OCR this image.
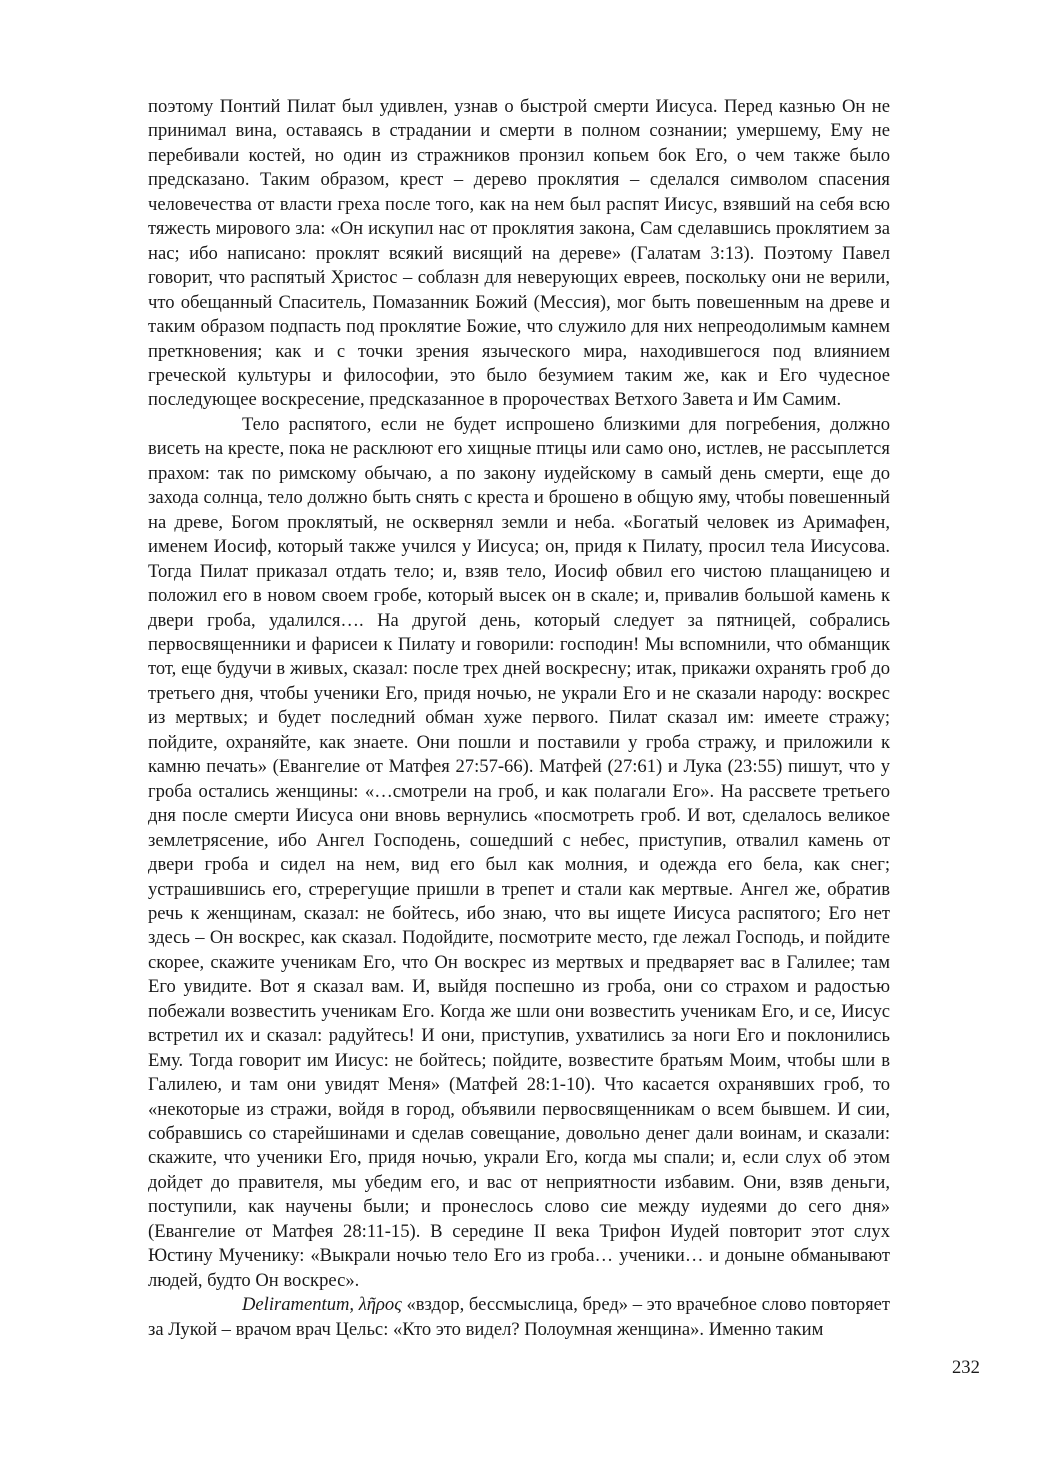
поэтому Понтий Пилат был удивлен, узнав о быстрой смерти Иисуса. Перед казнью Он не принимал вина, оставаясь в страдании и смерти в полном сознании; умершему, Ему не перебивали костей, но один из стражников пронзил копьем бок Его, о чем также было предсказано. Таким образом, крест – дерево проклятия – сделался символом спасения человечества от власти греха после того, как на нем был распят Иисус, взявший на себя всю тяжесть мирового зла: «Он искупил нас от проклятия закона, Сам сделавшись проклятием за нас; ибо написано: проклят всякий висящий на дереве» (Галатам 3:13). Поэтому Павел говорит, что распятый Христос – соблазн для неверующих евреев, поскольку они не верили, что обещанный Спаситель, Помазанник Божий (Мессия), мог быть повешенным на древе и таким образом подпасть под проклятие Божие, что служило для них непреодолимым камнем преткновения; как и с точки зрения языческого мира, находившегося под влиянием греческой культуры и философии, это было безумием таким же, как и Его чудесное последующее воскресение, предсказанное в пророчествах Ветхого Завета и Им Самим.

Тело распятого, если не будет испрошено близкими для погребения, должно висеть на кресте, пока не расклюют его хищные птицы или само оно, истлев, не рассыплется прахом: так по римскому обычаю, а по закону иудейскому в самый день смерти, еще до захода солнца, тело должно быть снять с креста и брошено в общую яму, чтобы повешенный на древе, Богом проклятый, не осквернял земли и неба. «Богатый человек из Аримафен, именем Иосиф, который также учился у Иисуса; он, придя к Пилату, просил тела Иисусова. Тогда Пилат приказал отдать тело; и, взяв тело, Иосиф обвил его чистою плащаницею и положил его в новом своем гробе, который высек он в скале; и, привалив большой камень к двери гроба, удалился…. На другой день, который следует за пятницей, собрались первосвященники и фарисеи к Пилату и говорили: господин! Мы вспомнили, что обманщик тот, еще будучи в живых, сказал: после трех дней воскресну; итак, прикажи охранять гроб до третьего дня, чтобы ученики Его, придя ночью, не украли Его и не сказали народу: воскрес из мертвых; и будет последний обман хуже первого. Пилат сказал им: имеете стражу; пойдите, охраняйте, как знаете. Они пошли и поставили у гроба стражу, и приложили к камню печать» (Евангелие от Матфея 27:57-66). Матфей (27:61) и Лука (23:55) пишут, что у гроба остались женщины: «…смотрели на гроб, и как полагали Его». На рассвете третьего дня после смерти Иисуса они вновь вернулись «посмотреть гроб. И вот, сделалось великое землетрясение, ибо Ангел Господень, сошедший с небес, приступив, отвалил камень от двери гроба и сидел на нем, вид его был как молния, и одежда его бела, как снег; устрашившись его, стререгущие пришли в трепет и стали как мертвые. Ангел же, обратив речь к женщинам, сказал: не бойтесь, ибо знаю, что вы ищете Иисуса распятого; Его нет здесь – Он воскрес, как сказал. Подойдите, посмотрите место, где лежал Господь, и пойдите скорее, скажите ученикам Его, что Он воскрес из мертвых и предваряет вас в Галилее; там Его увидите. Вот я сказал вам. И, выйдя поспешно из гроба, они со страхом и радостью побежали возвестить ученикам Его. Когда же шли они возвестить ученикам Его, и се, Иисус встретил их и сказал: радуйтесь! И они, приступив, ухватились за ноги Его и поклонились Ему. Тогда говорит им Иисус: не бойтесь; пойдите, возвестите братьям Моим, чтобы шли в Галилею, и там они увидят Меня» (Матфей 28:1-10). Что касается охранявших гроб, то «некоторые из стражи, войдя в город, объявили первосвященникам о всем бывшем. И сии, собравшись со старейшинами и сделав совещание, довольно денег дали воинам, и сказали: скажите, что ученики Его, придя ночью, украли Его, когда мы спали; и, если слух об этом дойдет до правителя, мы убедим его, и вас от неприятности избавим. Они, взяв деньги, поступили, как научены были; и пронеслось слово сие между иудеями до сего дня» (Евангелие от Матфея 28:11-15). В середине II века Трифон Иудей повторит этот слух Юстину Мученику: «Выкрали ночью тело Его из гроба… ученики… и доныне обманывают людей, будто Он воскрес».

Deliramentum, λῆρος «вздор, бессмыслица, бред» – это врачебное слово повторяет за Лукой – врачом врач Цельс: «Кто это видел? Полоумная женщина». Именно таким

232
